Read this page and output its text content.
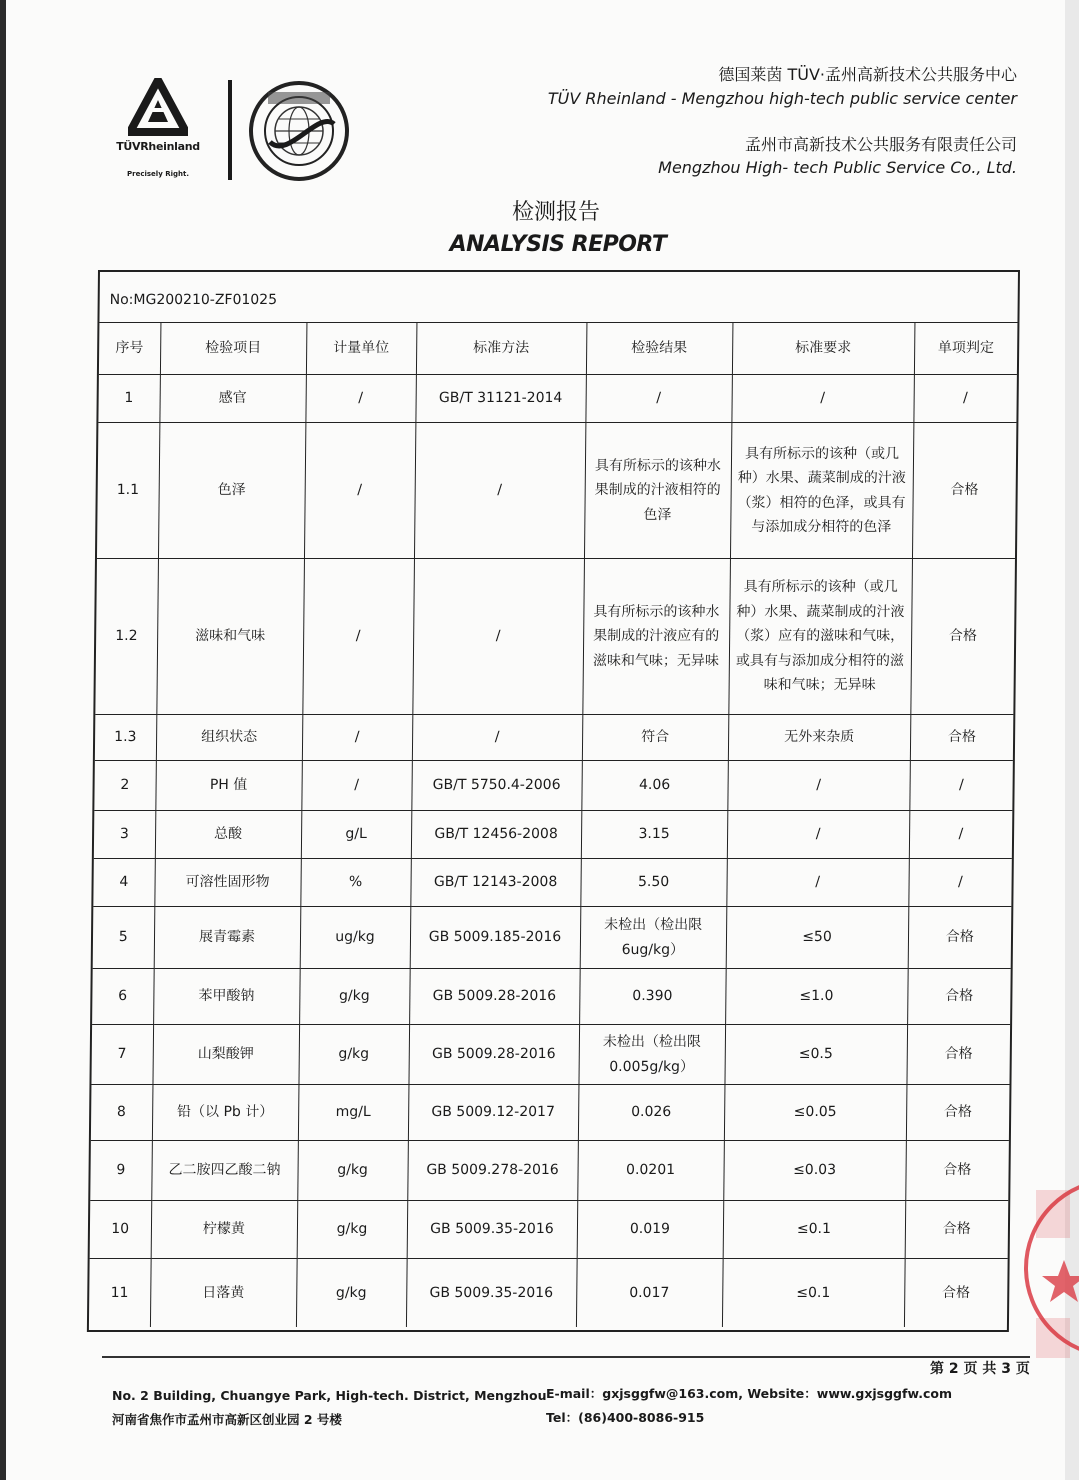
TÜVRheinland
Precisely Right.
德国莱茵 TÜV·孟州高新技术公共服务中心
TÜV Rheinland - Mengzhou high-tech public service center
孟州市高新技术公共服务有限责任公司
Mengzhou High- tech Public Service Co., Ltd.
检测报告
ANALYSIS REPORT
No:MG200210-ZF01025
序号	检验项目	计量单位	标准方法	检验结果	标准要求	单项判定
1	感官	/	GB/T 31121-2014	/	/	/
1.1	色泽	/	/	具有所标示的该种水果制成的汁液相符的色泽	具有所标示的该种（或几种）水果、蔬菜制成的汁液（浆）相符的色泽，或具有与添加成分相符的色泽	合格
1.2	滋味和气味	/	/	具有所标示的该种水果制成的汁液应有的滋味和气味；无异味	具有所标示的该种（或几种）水果、蔬菜制成的汁液（浆）应有的滋味和气味，或具有与添加成分相符的滋味和气味；无异味	合格
1.3	组织状态	/	/	符合	无外来杂质	合格
2	PH 值	/	GB/T 5750.4-2006	4.06	/	/
3	总酸	g/L	GB/T 12456-2008	3.15	/	/
4	可溶性固形物	%	GB/T 12143-2008	5.50	/	/
5	展青霉素	ug/kg	GB 5009.185-2016	未检出（检出限6ug/kg）	≤50	合格
6	苯甲酸钠	g/kg	GB 5009.28-2016	0.390	≤1.0	合格
7	山梨酸钾	g/kg	GB 5009.28-2016	未检出（检出限0.005g/kg）	≤0.5	合格
8	铅（以 Pb 计）	mg/L	GB 5009.12-2017	0.026	≤0.05	合格
9	乙二胺四乙酸二钠	g/kg	GB 5009.278-2016	0.0201	≤0.03	合格
10	柠檬黄	g/kg	GB 5009.35-2016	0.019	≤0.1	合格
11	日落黄	g/kg	GB 5009.35-2016	0.017	≤0.1	合格
第 2 页 共 3 页
No. 2 Building, Chuangye Park, High-tech. District, Mengzhou
河南省焦作市孟州市高新区创业园 2 号楼
E-mail：gxjsggfw@163.com, Website：www.gxjsggfw.com
Tel：(86)400-8086-915
